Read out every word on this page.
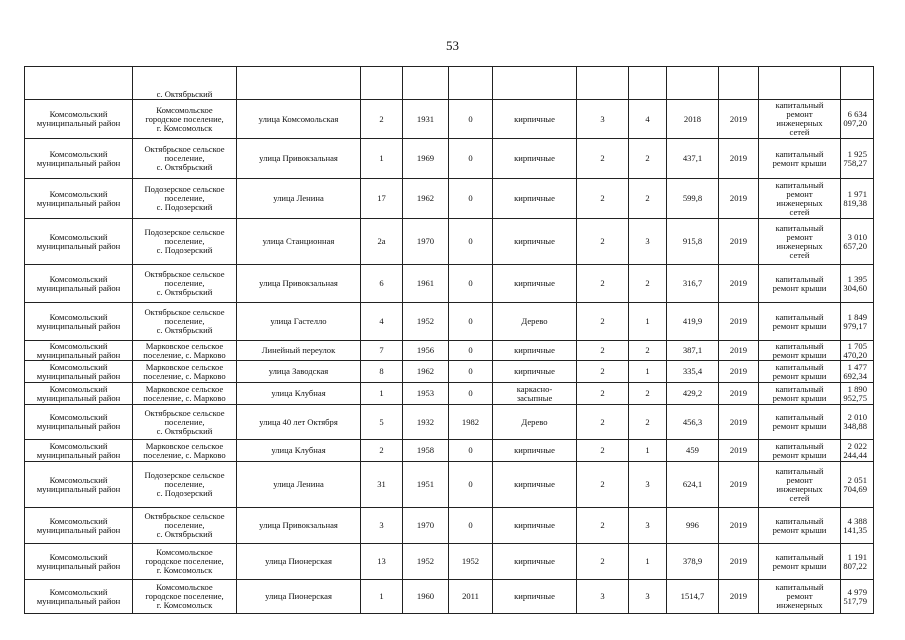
53
	с. Октябрьский											
Комсомольский
муниципальный район	Комсомольское
городское поселение,
г. Комсомольск	улица Комсомольская	2	1931	0	кирпичные	3	4	2018	2019	капитальный
ремонт
инженерных
сетей	6 634 097,20
Комсомольский
муниципальный район	Октябрьское сельское
поселение,
с. Октябрьский	улица Привокзальная	1	1969	0	кирпичные	2	2	437,1	2019	капитальный
ремонт крыши	1 925 758,27
Комсомольский
муниципальный район	Подозерское сельское
поселение,
с. Подозерский	улица Ленина	17	1962	0	кирпичные	2	2	599,8	2019	капитальный
ремонт
инженерных
сетей	1 971 819,38
Комсомольский
муниципальный район	Подозерское сельское
поселение,
с. Подозерский	улица Станционная	2а	1970	0	кирпичные	2	3	915,8	2019	капитальный
ремонт
инженерных
сетей	3 010 657,20
Комсомольский
муниципальный район	Октябрьское сельское
поселение,
с. Октябрьский	улица Привокзальная	6	1961	0	кирпичные	2	2	316,7	2019	капитальный
ремонт крыши	1 395 304,60
Комсомольский
муниципальный район	Октябрьское сельское
поселение,
с. Октябрьский	улица Гастелло	4	1952	0	Дерево	2	1	419,9	2019	капитальный
ремонт крыши	1 849 979,17
Комсомольский
муниципальный район	Марковское сельское
поселение, с. Марково	Линейный переулок	7	1956	0	кирпичные	2	2	387,1	2019	капитальный
ремонт крыши	1 705 470,20
Комсомольский
муниципальный район	Марковское сельское
поселение, с. Марково	улица Заводская	8	1962	0	кирпичные	2	1	335,4	2019	капитальный
ремонт крыши	1 477 692,34
Комсомольский
муниципальный район	Марковское сельское
поселение, с. Марково	улица Клубная	1	1953	0	каркасно-
засыпные	2	2	429,2	2019	капитальный
ремонт крыши	1 890 952,75
Комсомольский
муниципальный район	Октябрьское сельское
поселение,
с. Октябрьский	улица 40 лет Октября	5	1932	1982	Дерево	2	2	456,3	2019	капитальный
ремонт крыши	2 010 348,88
Комсомольский
муниципальный район	Марковское сельское
поселение, с. Марково	улица Клубная	2	1958	0	кирпичные	2	1	459	2019	капитальный
ремонт крыши	2 022 244,44
Комсомольский
муниципальный район	Подозерское сельское
поселение,
с. Подозерский	улица Ленина	31	1951	0	кирпичные	2	3	624,1	2019	капитальный
ремонт
инженерных
сетей	2 051 704,69
Комсомольский
муниципальный район	Октябрьское сельское
поселение,
с. Октябрьский	улица Привокзальная	3	1970	0	кирпичные	2	3	996	2019	капитальный
ремонт крыши	4 388 141,35
Комсомольский
муниципальный район	Комсомольское
городское поселение,
г. Комсомольск	улица Пионерская	13	1952	1952	кирпичные	2	1	378,9	2019	капитальный
ремонт крыши	1 191 807,22
Комсомольский
муниципальный район	Комсомольское
городское поселение,
г. Комсомольск	улица Пионерская	1	1960	2011	кирпичные	3	3	1514,7	2019	капитальный
ремонт
инженерных	4 979 517,79
